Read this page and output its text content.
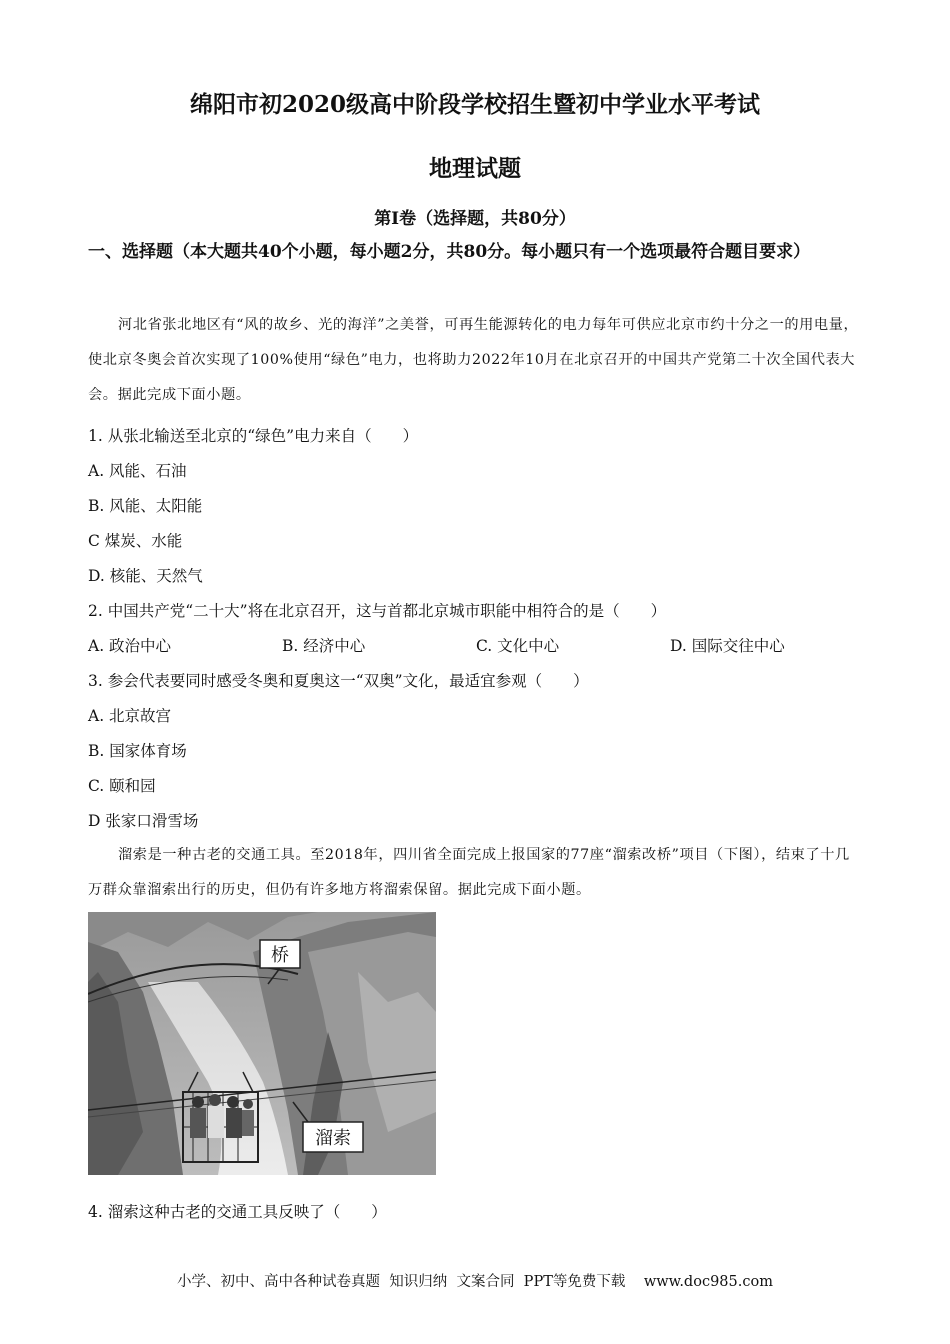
绵阳市初2020级高中阶段学校招生暨初中学业水平考试
地理试题
第Ⅰ卷（选择题，共80分）
一、选择题（本大题共40个小题，每小题2分，共80分。每小题只有一个选项最符合题目要求）
河北省张北地区有“风的故乡、光的海洋”之美誉，可再生能源转化的电力每年可供应北京市约十分之一的用电量，使北京冬奥会首次实现了100%使用“绿色”电力，也将助力2022年10月在北京召开的中国共产党第二十次全国代表大会。据此完成下面小题。
1. 从张北输送至北京的“绿色”电力来自（　　）
A. 风能、石油
B. 风能、太阳能
C 煤炭、水能
D. 核能、天然气
2. 中国共产党“二十大”将在北京召开，这与首都北京城市职能中相符合的是（　　）
A. 政治中心	B. 经济中心	C. 文化中心	D. 国际交往中心
3. 参会代表要同时感受冬奥和夏奥这一“双奥”文化，最适宜参观（　　）
A. 北京故宫
B. 国家体育场
C. 颐和园
D 张家口滑雪场
溜索是一种古老的交通工具。至2018年，四川省全面完成上报国家的77座“溜索改桥”项目（下图），结束了十几万群众靠溜索出行的历史，但仍有许多地方将溜索保留。据此完成下面小题。
桥
溜索
4. 溜索这种古老的交通工具反映了（　　）
小学、初中、高中各种试卷真题  知识归纳  文案合同  PPT等免费下载 www.doc985.com
